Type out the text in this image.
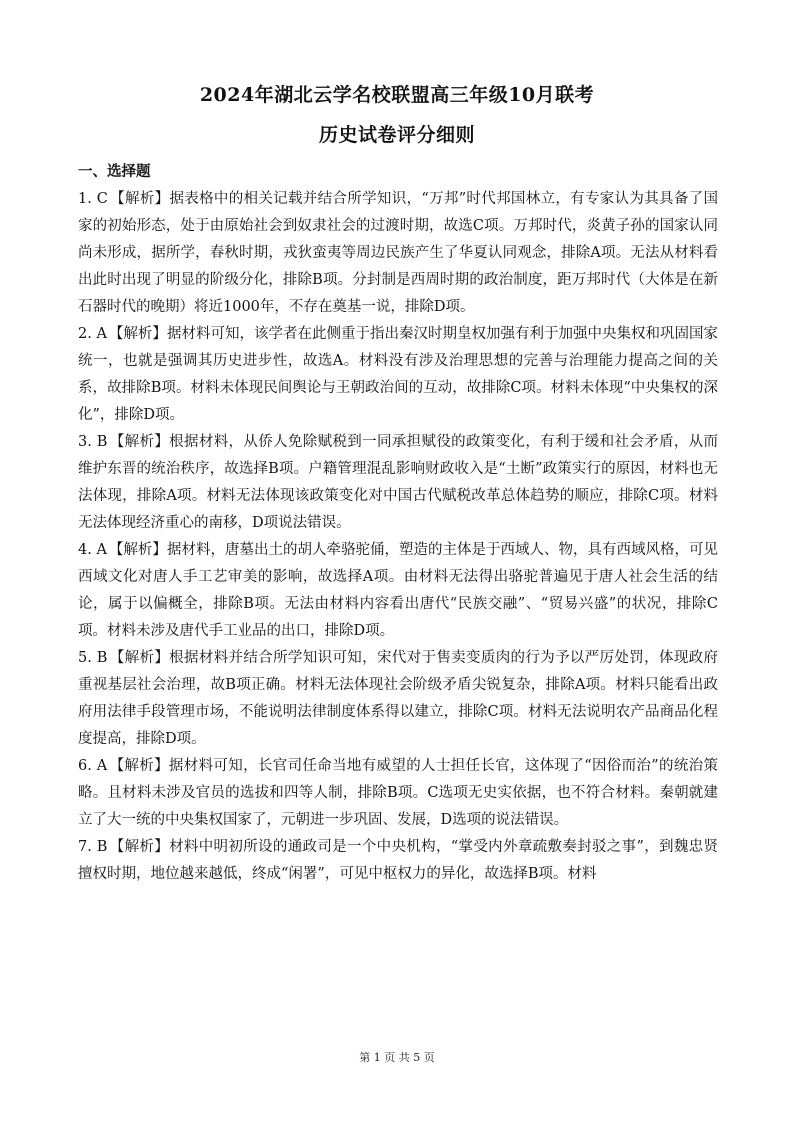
2024年湖北云学名校联盟高三年级10月联考
历史试卷评分细则
一、选择题

1. C 【解析】据表格中的相关记载并结合所学知识，“万邦”时代邦国林立，有专家认为其具备了国家的初始形态，处于由原始社会到奴隶社会的过渡时期，故选C项。万邦时代，炎黄子孙的国家认同尚未形成，据所学，春秋时期，戎狄蛮夷等周边民族产生了华夏认同观念，排除A项。无法从材料看出此时出现了明显的阶级分化，排除B项。分封制是西周时期的政治制度，距万邦时代（大体是在新石器时代的晚期）将近1000年，不存在奠基一说，排除D项。

2. A 【解析】据材料可知，该学者在此侧重于指出秦汉时期皇权加强有利于加强中央集权和巩固国家统一，也就是强调其历史进步性，故选A。材料没有涉及治理思想的完善与治理能力提高之间的关系，故排除B项。材料未体现民间舆论与王朝政治间的互动，故排除C项。材料未体现“中央集权的深化”，排除D项。

3. B 【解析】根据材料，从侨人免除赋税到一同承担赋役的政策变化，有利于缓和社会矛盾，从而维护东晋的统治秩序，故选择B项。户籍管理混乱影响财政收入是“土断”政策实行的原因，材料也无法体现，排除A项。材料无法体现该政策变化对中国古代赋税改革总体趋势的顺应，排除C项。材料无法体现经济重心的南移，D项说法错误。

4. A 【解析】据材料，唐墓出土的胡人牵骆驼俑，塑造的主体是于西域人、物，具有西域风格，可见西域文化对唐人手工艺审美的影响，故选择A项。由材料无法得出骆驼普遍见于唐人社会生活的结论，属于以偏概全，排除B项。无法由材料内容看出唐代“民族交融”、“贸易兴盛”的状况，排除C项。材料未涉及唐代手工业品的出口，排除D项。

5. B 【解析】根据材料并结合所学知识可知，宋代对于售卖变质肉的行为予以严厉处罚，体现政府重视基层社会治理，故B项正确。材料无法体现社会阶级矛盾尖锐复杂，排除A项。材料只能看出政府用法律手段管理市场，不能说明法律制度体系得以建立，排除C项。材料无法说明农产品商品化程度提高，排除D项。

6. A 【解析】据材料可知，长官司任命当地有威望的人士担任长官，这体现了“因俗而治”的统治策略。且材料未涉及官员的选拔和四等人制，排除B项。C选项无史实依据，也不符合材料。秦朝就建立了大一统的中央集权国家了，元朝进一步巩固、发展，D选项的说法错误。

7. B 【解析】材料中明初所设的通政司是一个中央机构，“掌受内外章疏敷奏封驳之事”，到魏忠贤擅权时期，地位越来越低，终成“闲署”，可见中枢权力的异化，故选择B项。材料

第 1 页 共 5 页
